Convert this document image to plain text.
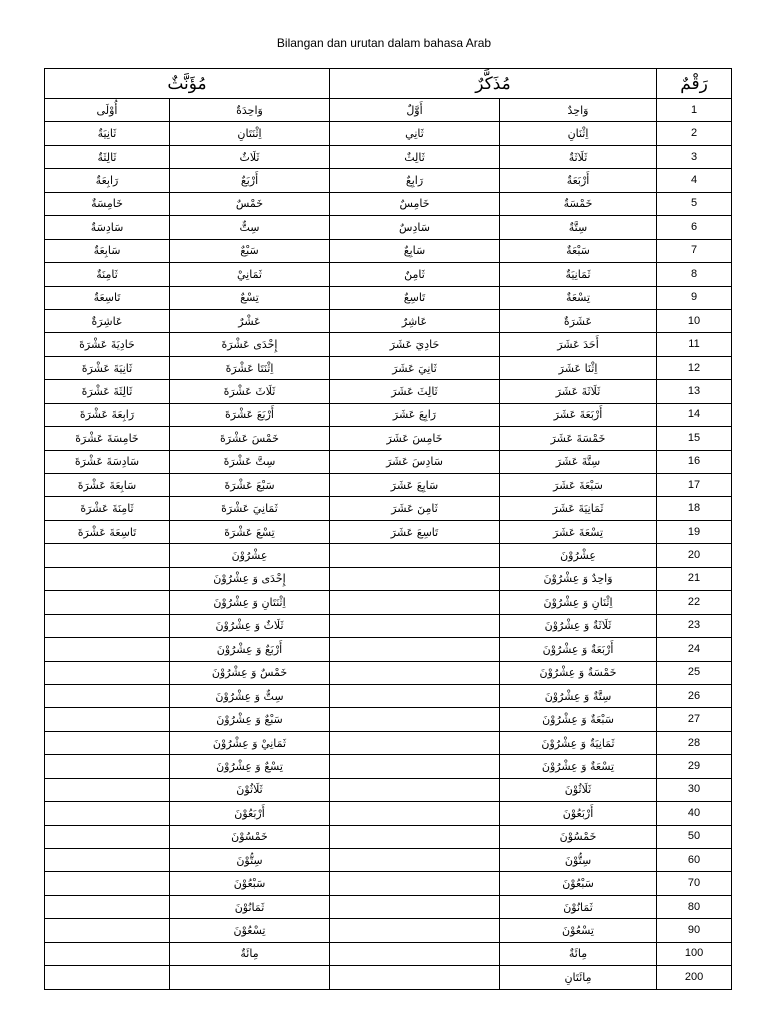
Bilangan dan urutan dalam bahasa Arab
مُؤَنَّثٌ		مُذَكَّرٌ		رَقْمٌ
أُوْلَى	وَاحِدَةٌ	أَوَّلٌ	وَاحِدٌ	1
ثَانِيَةٌ	اِثْنَتَانِ	ثَانِي	اِثْنَانِ	2
ثَالِثَةٌ	ثَلَاثٌ	ثَالِثٌ	ثَلَاثَةٌ	3
رَابِعَةٌ	أَرْبَعٌ	رَابِعٌ	أَرْبَعَةٌ	4
خَامِسَةٌ	خَمْسٌ	خَامِسٌ	خَمْسَةٌ	5
سَادِسَةٌ	سِتٌّ	سَادِسٌ	سِتَّةٌ	6
سَابِعَةٌ	سَبْعٌ	سَابِعٌ	سَبْعَةٌ	7
ثَامِنَةٌ	ثَمَانِيْ	ثَامِنٌ	ثَمَانِيَةٌ	8
تَاسِعَةٌ	تِسْعٌ	تَاسِعٌ	تِسْعَةٌ	9
عَاشِرَةٌ	عَشْرٌ	عَاشِرٌ	عَشَرَةٌ	10
حَادِيَةَ عَشْرَةَ	إِحْدَى عَشْرَةَ	حَادِيَ عَشَرَ	أَحَدَ عَشَرَ	11
ثَانِيَةَ عَشْرَةَ	اِثْنَتَا عَشْرَةَ	ثَانِيَ عَشَرَ	اِثْنَا عَشَرَ	12
ثَالِثَةَ عَشْرَةَ	ثَلَاثَ عَشْرَةَ	ثَالِثَ عَشَرَ	ثَلَاثَةَ عَشَرَ	13
رَابِعَةَ عَشْرَةَ	أَرْبَعَ عَشْرَةَ	رَابِعَ عَشَرَ	أَرْبَعَةَ عَشَرَ	14
خَامِسَةَ عَشْرَةَ	خَمْسَ عَشْرَةَ	خَامِسَ عَشَرَ	خَمْسَةَ عَشَرَ	15
سَادِسَةَ عَشْرَةَ	سِتَّ عَشْرَةَ	سَادِسَ عَشَرَ	سِتَّةَ عَشَرَ	16
سَابِعَةَ عَشْرَةَ	سَبْعَ عَشْرَةَ	سَابِعَ عَشَرَ	سَبْعَةَ عَشَرَ	17
ثَامِنَةَ عَشْرَةَ	ثَمَانِيَ عَشْرَةَ	ثَامِنَ عَشَرَ	ثَمَانِيَةَ عَشَرَ	18
تَاسِعَةَ عَشْرَةَ	تِسْعَ عَشْرَةَ	تَاسِعَ عَشَرَ	تِسْعَةَ عَشَرَ	19
	عِشْرُوْنَ		عِشْرُوْنَ	20
	إِحْدَى وَ عِشْرُوْنَ		وَاحِدٌ وَ عِشْرُوْنَ	21
	اِثْنَتَانِ وَ عِشْرُوْنَ		اِثْنَانِ وَ عِشْرُوْنَ	22
	ثَلَاثٌ وَ عِشْرُوْنَ		ثَلَاثَةٌ وَ عِشْرُوْنَ	23
	أَرْبَعٌ وَ عِشْرُوْنَ		أَرْبَعَةٌ وَ عِشْرُوْنَ	24
	خَمْسٌ وَ عِشْرُوْنَ		خَمْسَةٌ وَ عِشْرُوْنَ	25
	سِتٌّ وَ عِشْرُوْنَ		سِتَّةٌ وَ عِشْرُوْنَ	26
	سَبْعٌ وَ عِشْرُوْنَ		سَبْعَةٌ وَ عِشْرُوْنَ	27
	ثَمَانِيْ وَ عِشْرُوْنَ		ثَمَانِيَةٌ وَ عِشْرُوْنَ	28
	تِسْعٌ وَ عِشْرُوْنَ		تِسْعَةٌ وَ عِشْرُوْنَ	29
	ثَلَاثُوْنَ		ثَلَاثُوْنَ	30
	أَرْبَعُوْنَ		أَرْبَعُوْنَ	40
	خَمْسُوْنَ		خَمْسُوْنَ	50
	سِتُّوْنَ		سِتُّوْنَ	60
	سَبْعُوْنَ		سَبْعُوْنَ	70
	ثَمَانُوْنَ		ثَمَانُوْنَ	80
	تِسْعُوْنَ		تِسْعُوْنَ	90
	مِائَةٌ		مِائَةٌ	100
			مِائَتَانِ	200
